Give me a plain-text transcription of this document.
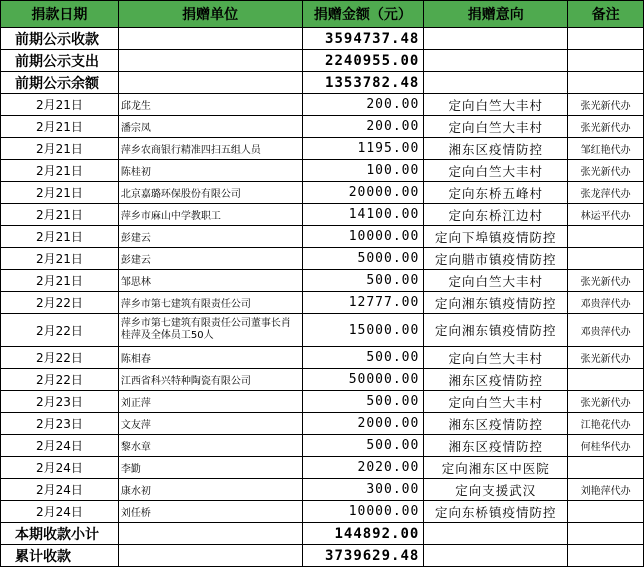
捐款日期	捐赠单位	捐赠金额（元）	捐赠意向	备注
前期公示收款		3594737.48		
前期公示支出		2240955.00		
前期公示余额		1353782.48		
2月21日	邱龙生	200.00	定向白竺大丰村	张光新代办
2月21日	潘宗凤	200.00	定向白竺大丰村	张光新代办
2月21日	萍乡农商银行精准四扫五组人员	1195.00	湘东区疫情防控	邹红艳代办
2月21日	陈桂初	100.00	定向白竺大丰村	张光新代办
2月21日	北京嘉璐环保股份有限公司	20000.00	定向东桥五峰村	张龙萍代办
2月21日	萍乡市麻山中学教职工	14100.00	定向东桥江边村	林运平代办
2月21日	彭建云	10000.00	定向下埠镇疫情防控	
2月21日	彭建云	5000.00	定向腊市镇疫情防控	
2月21日	邹思林	500.00	定向白竺大丰村	张光新代办
2月22日	萍乡市第七建筑有限责任公司	12777.00	定向湘东镇疫情防控	邓贵萍代办
2月22日	萍乡市第七建筑有限责任公司董事长肖桂萍及全体员工50人	15000.00	定向湘东镇疫情防控	邓贵萍代办
2月22日	陈相春	500.00	定向白竺大丰村	张光新代办
2月22日	江西省科兴特种陶瓷有限公司	50000.00	湘东区疫情防控	
2月23日	刘正萍	500.00	定向白竺大丰村	张光新代办
2月23日	文友萍	2000.00	湘东区疫情防控	江艳花代办
2月24日	黎水章	500.00	湘东区疫情防控	何桂华代办
2月24日	李勤	2020.00	定向湘东区中医院	
2月24日	康水初	300.00	定向支援武汉	刘艳萍代办
2月24日	刘任桥	10000.00	定向东桥镇疫情防控	
本期收款小计		144892.00		
累计收款		3739629.48		
